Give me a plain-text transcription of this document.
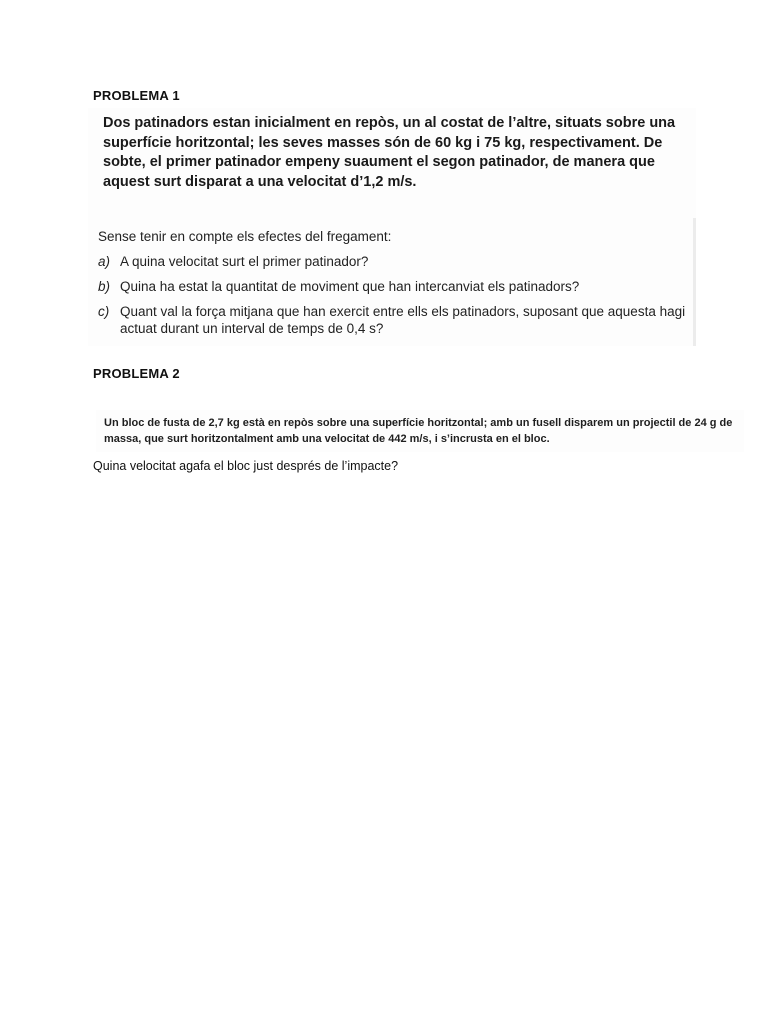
PROBLEMA 1
Dos patinadors estan inicialment en repòs, un al costat de l’altre, situats sobre una superfície horitzontal; les seves masses són de 60 kg i 75 kg, respectivament. De sobte, el primer patinador empeny suaument el segon patinador, de manera que aquest surt disparat a una velocitat d’1,2 m/s.
Sense tenir en compte els efectes del fregament:
a) A quina velocitat surt el primer patinador?
b) Quina ha estat la quantitat de moviment que han intercanviat els patinadors?
c) Quant val la força mitjana que han exercit entre ells els patinadors, suposant que aquesta hagi actuat durant un interval de temps de 0,4 s?
PROBLEMA 2
Un bloc de fusta de 2,7 kg està en repòs sobre una superfície horitzontal; amb un fusell disparem un projectil de 24 g de massa, que surt horitzontalment amb una velocitat de 442 m/s, i s’incrusta en el bloc.
Quina velocitat agafa el bloc just després de l’impacte?
